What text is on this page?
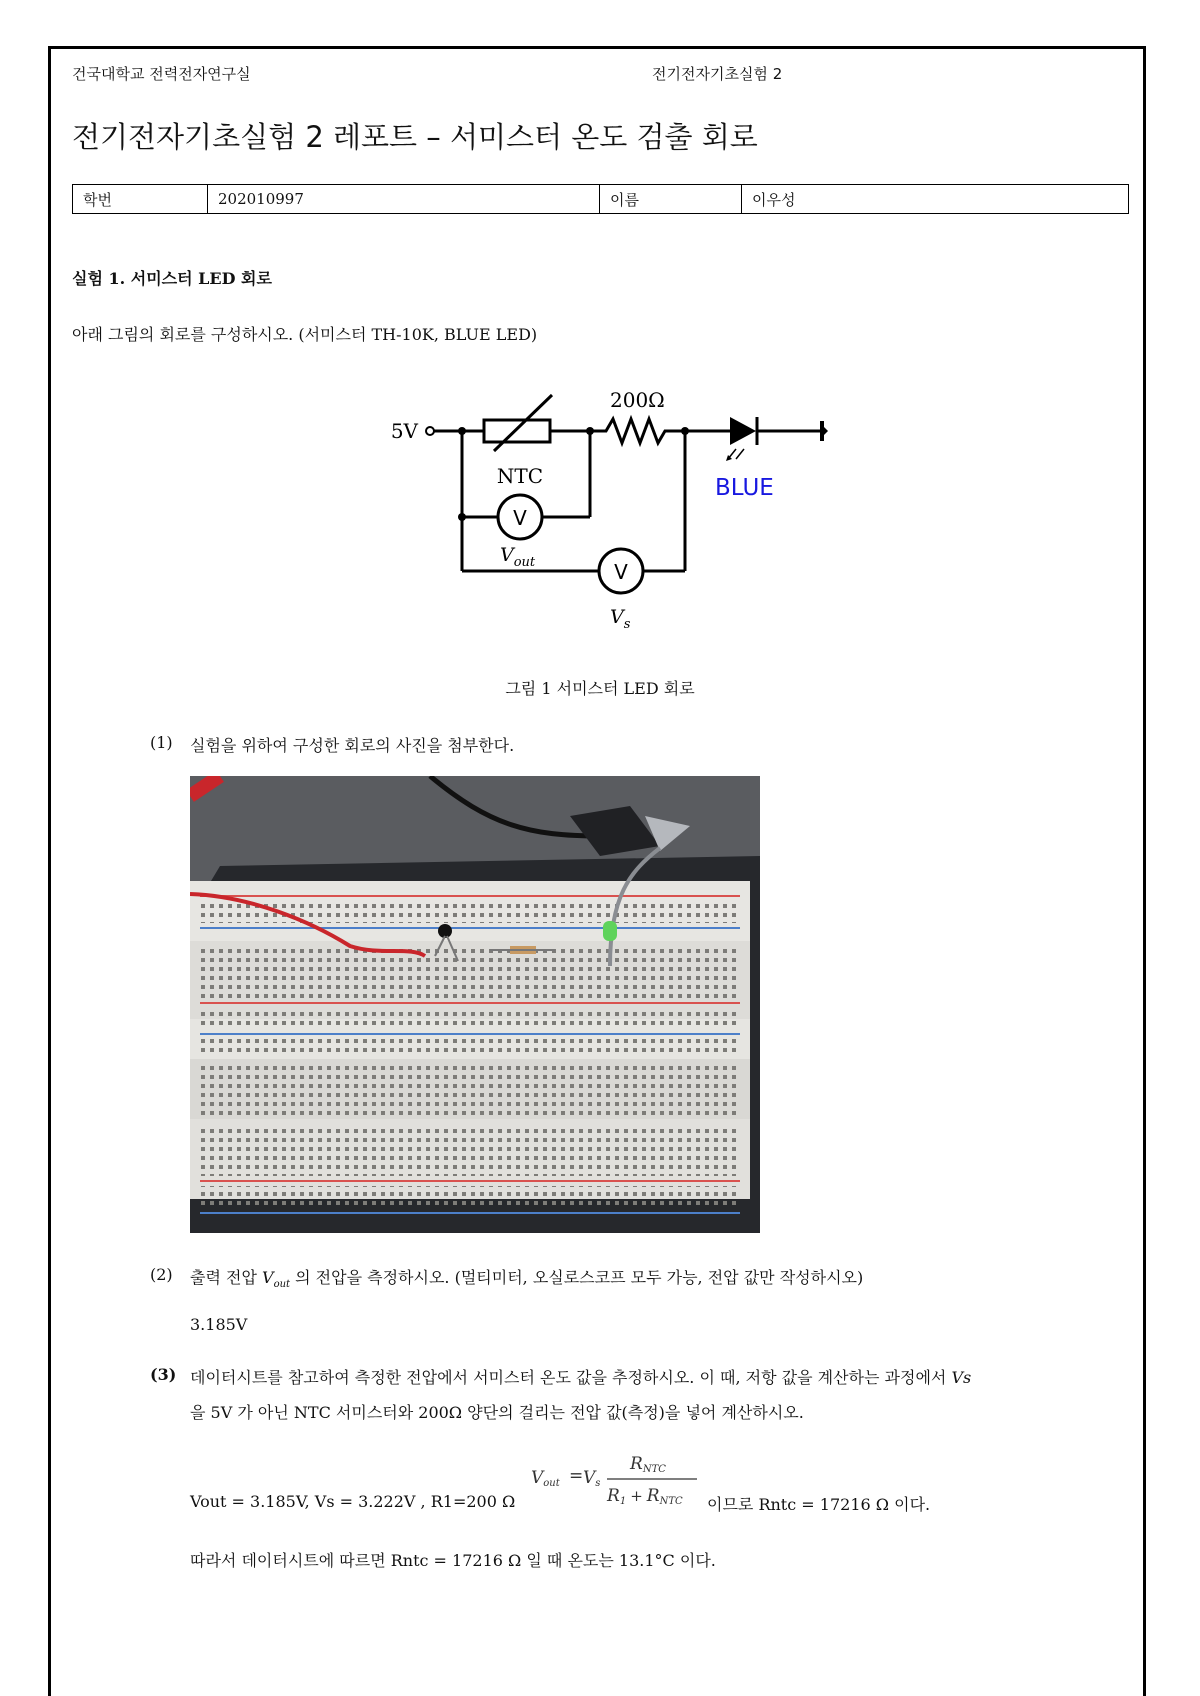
건국대학교 전력전자연구실	전기전자기초실험 2
전기전자기초실험 2 레포트 – 서미스터 온도 검출 회로
학번	202010997	이름	이우성
실험 1. 서미스터 LED 회로
아래 그림의 회로를 구성하시오. (서미스터 TH-10K, BLUE LED)
5V
200Ω
NTC	BLUE
V
V
$V_{out}$
$V_s$
그림 1 서미스터 LED 회로
(1) 실험을 위하여 구성한 회로의 사진을 첨부한다.
(2) 출력 전압 $V_{out}$ 의 전압을 측정하시오. (멀티미터, 오실로스코프 모두 가능, 전압 값만 작성하시오)
3.185V
(3) 데이터시트를 참고하여 측정한 전압에서 서미스터 온도 값을 추정하시오. 이 때, 저항 값을 계산하는 과정에서 Vs
을 5V 가 아닌 NTC 서미스터와 200Ω 양단의 걸리는 전압 값(측정)을 넣어 계산하시오.
Vout = Vs
RNTC
R1 + RNTC
Vout = 3.185V, Vs = 3.222V , R1=200 Ω	이므로 Rntc = 17216 Ω 이다.
따라서 데이터시트에 따르면 Rntc = 17216 Ω 일 때 온도는 13.1°C 이다.
